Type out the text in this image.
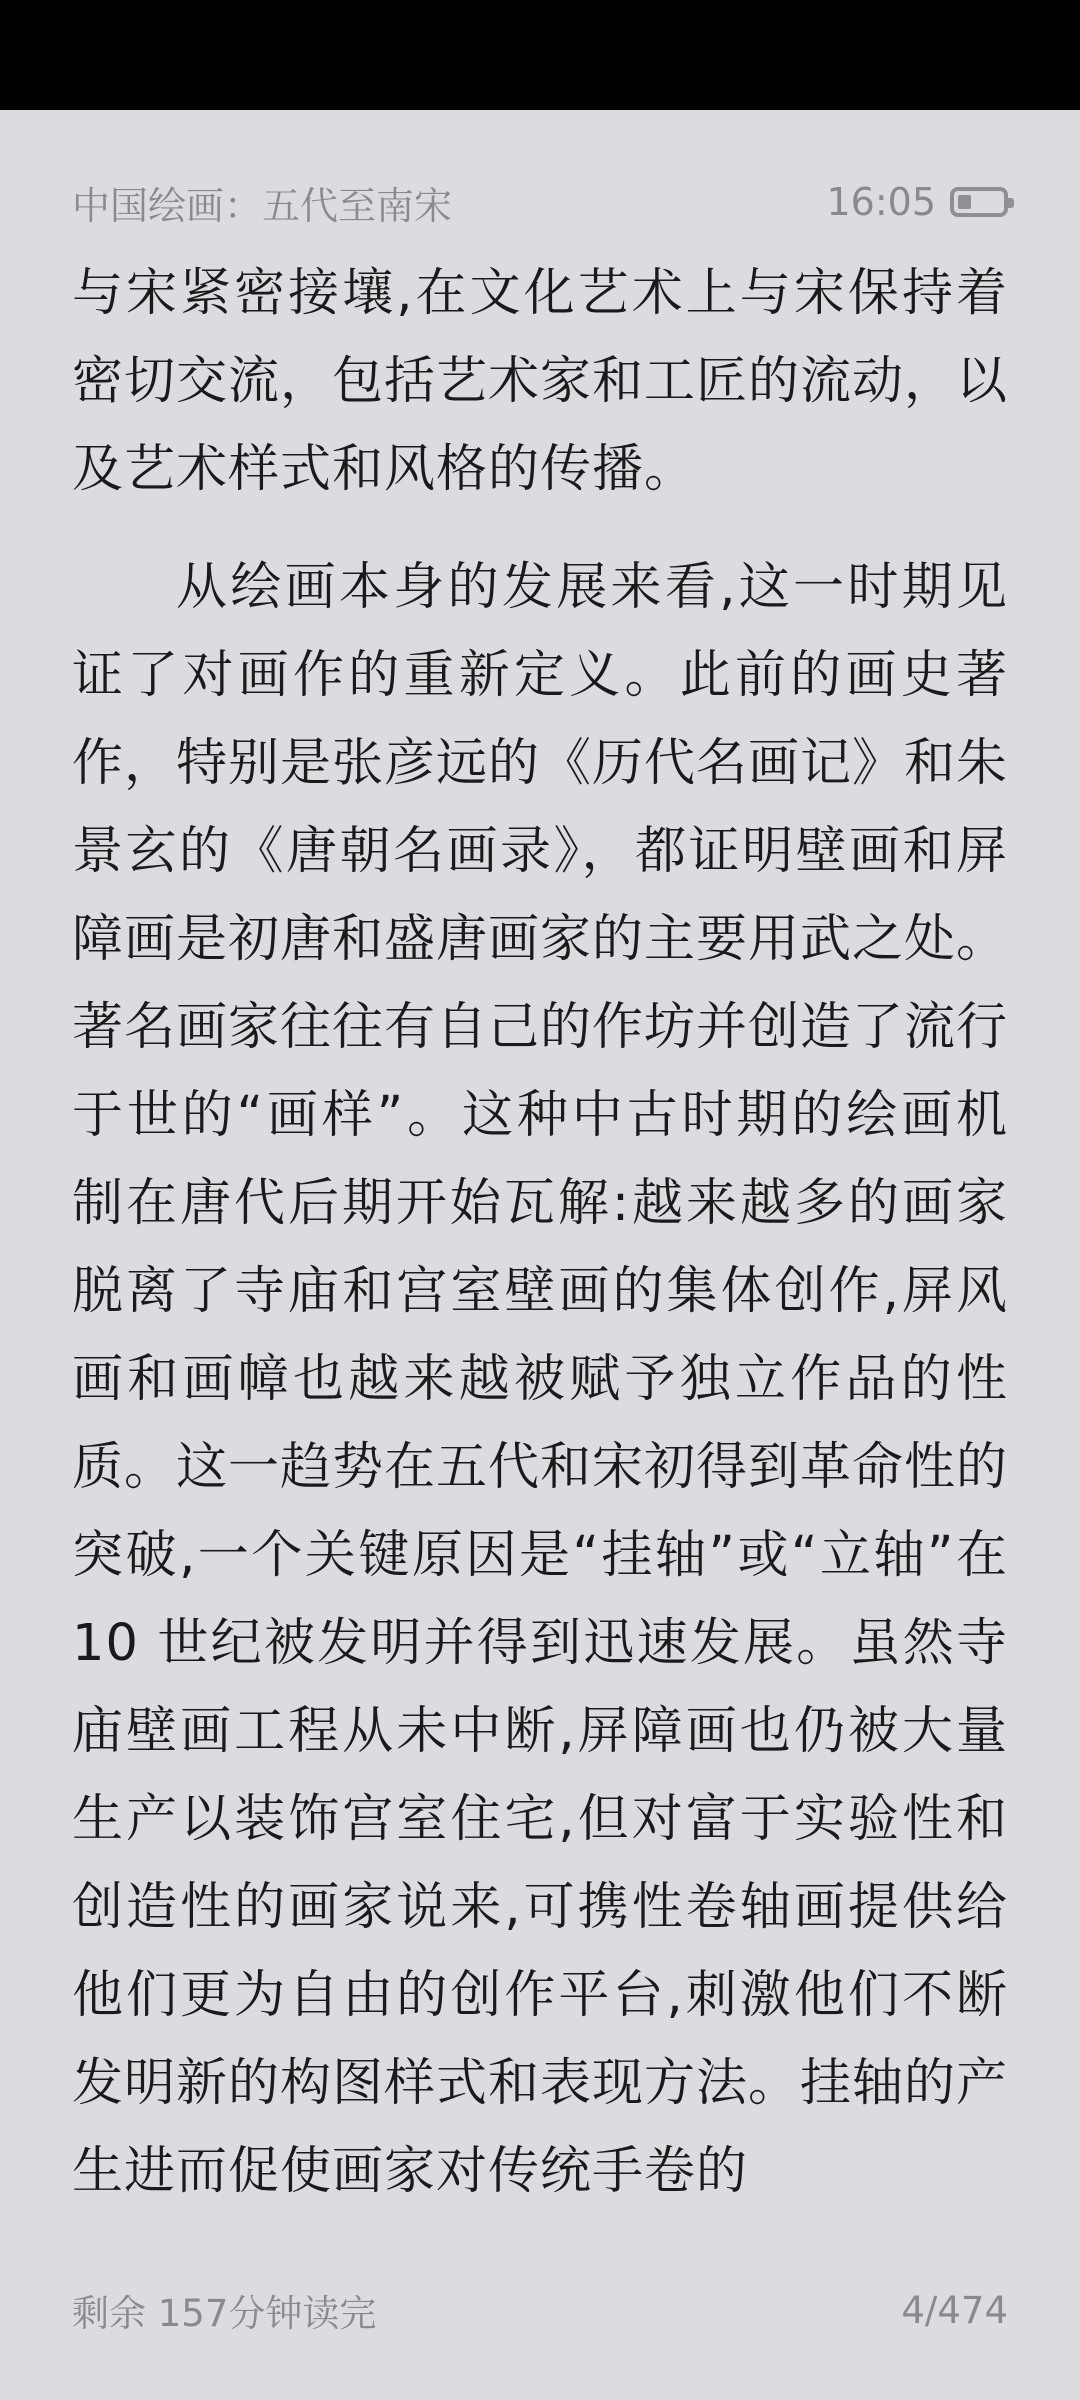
中国绘画：五代至南宋	16:05

与宋紧密接壤,在文化艺术上与宋保持着密切交流，包括艺术家和工匠的流动，以及艺术样式和风格的传播。

从绘画本身的发展来看,这一时期见证了对画作的重新定义。此前的画史著作，特别是张彦远的《历代名画记》和朱景玄的《唐朝名画录》，都证明壁画和屏障画是初唐和盛唐画家的主要用武之处。著名画家往往有自己的作坊并创造了流行于世的“画样”。这种中古时期的绘画机制在唐代后期开始瓦解:越来越多的画家脱离了寺庙和宫室壁画的集体创作,屏风画和画幛也越来越被赋予独立作品的性质。这一趋势在五代和宋初得到革命性的突破,一个关键原因是“挂轴”或“立轴”在 10 世纪被发明并得到迅速发展。虽然寺庙壁画工程从未中断,屏障画也仍被大量生产以装饰宫室住宅,但对富于实验性和创造性的画家说来,可携性卷轴画提供给他们更为自由的创作平台,刺激他们不断发明新的构图样式和表现方法。挂轴的产生进而促使画家对传统手卷的

剩余 157分钟读完	4/474
